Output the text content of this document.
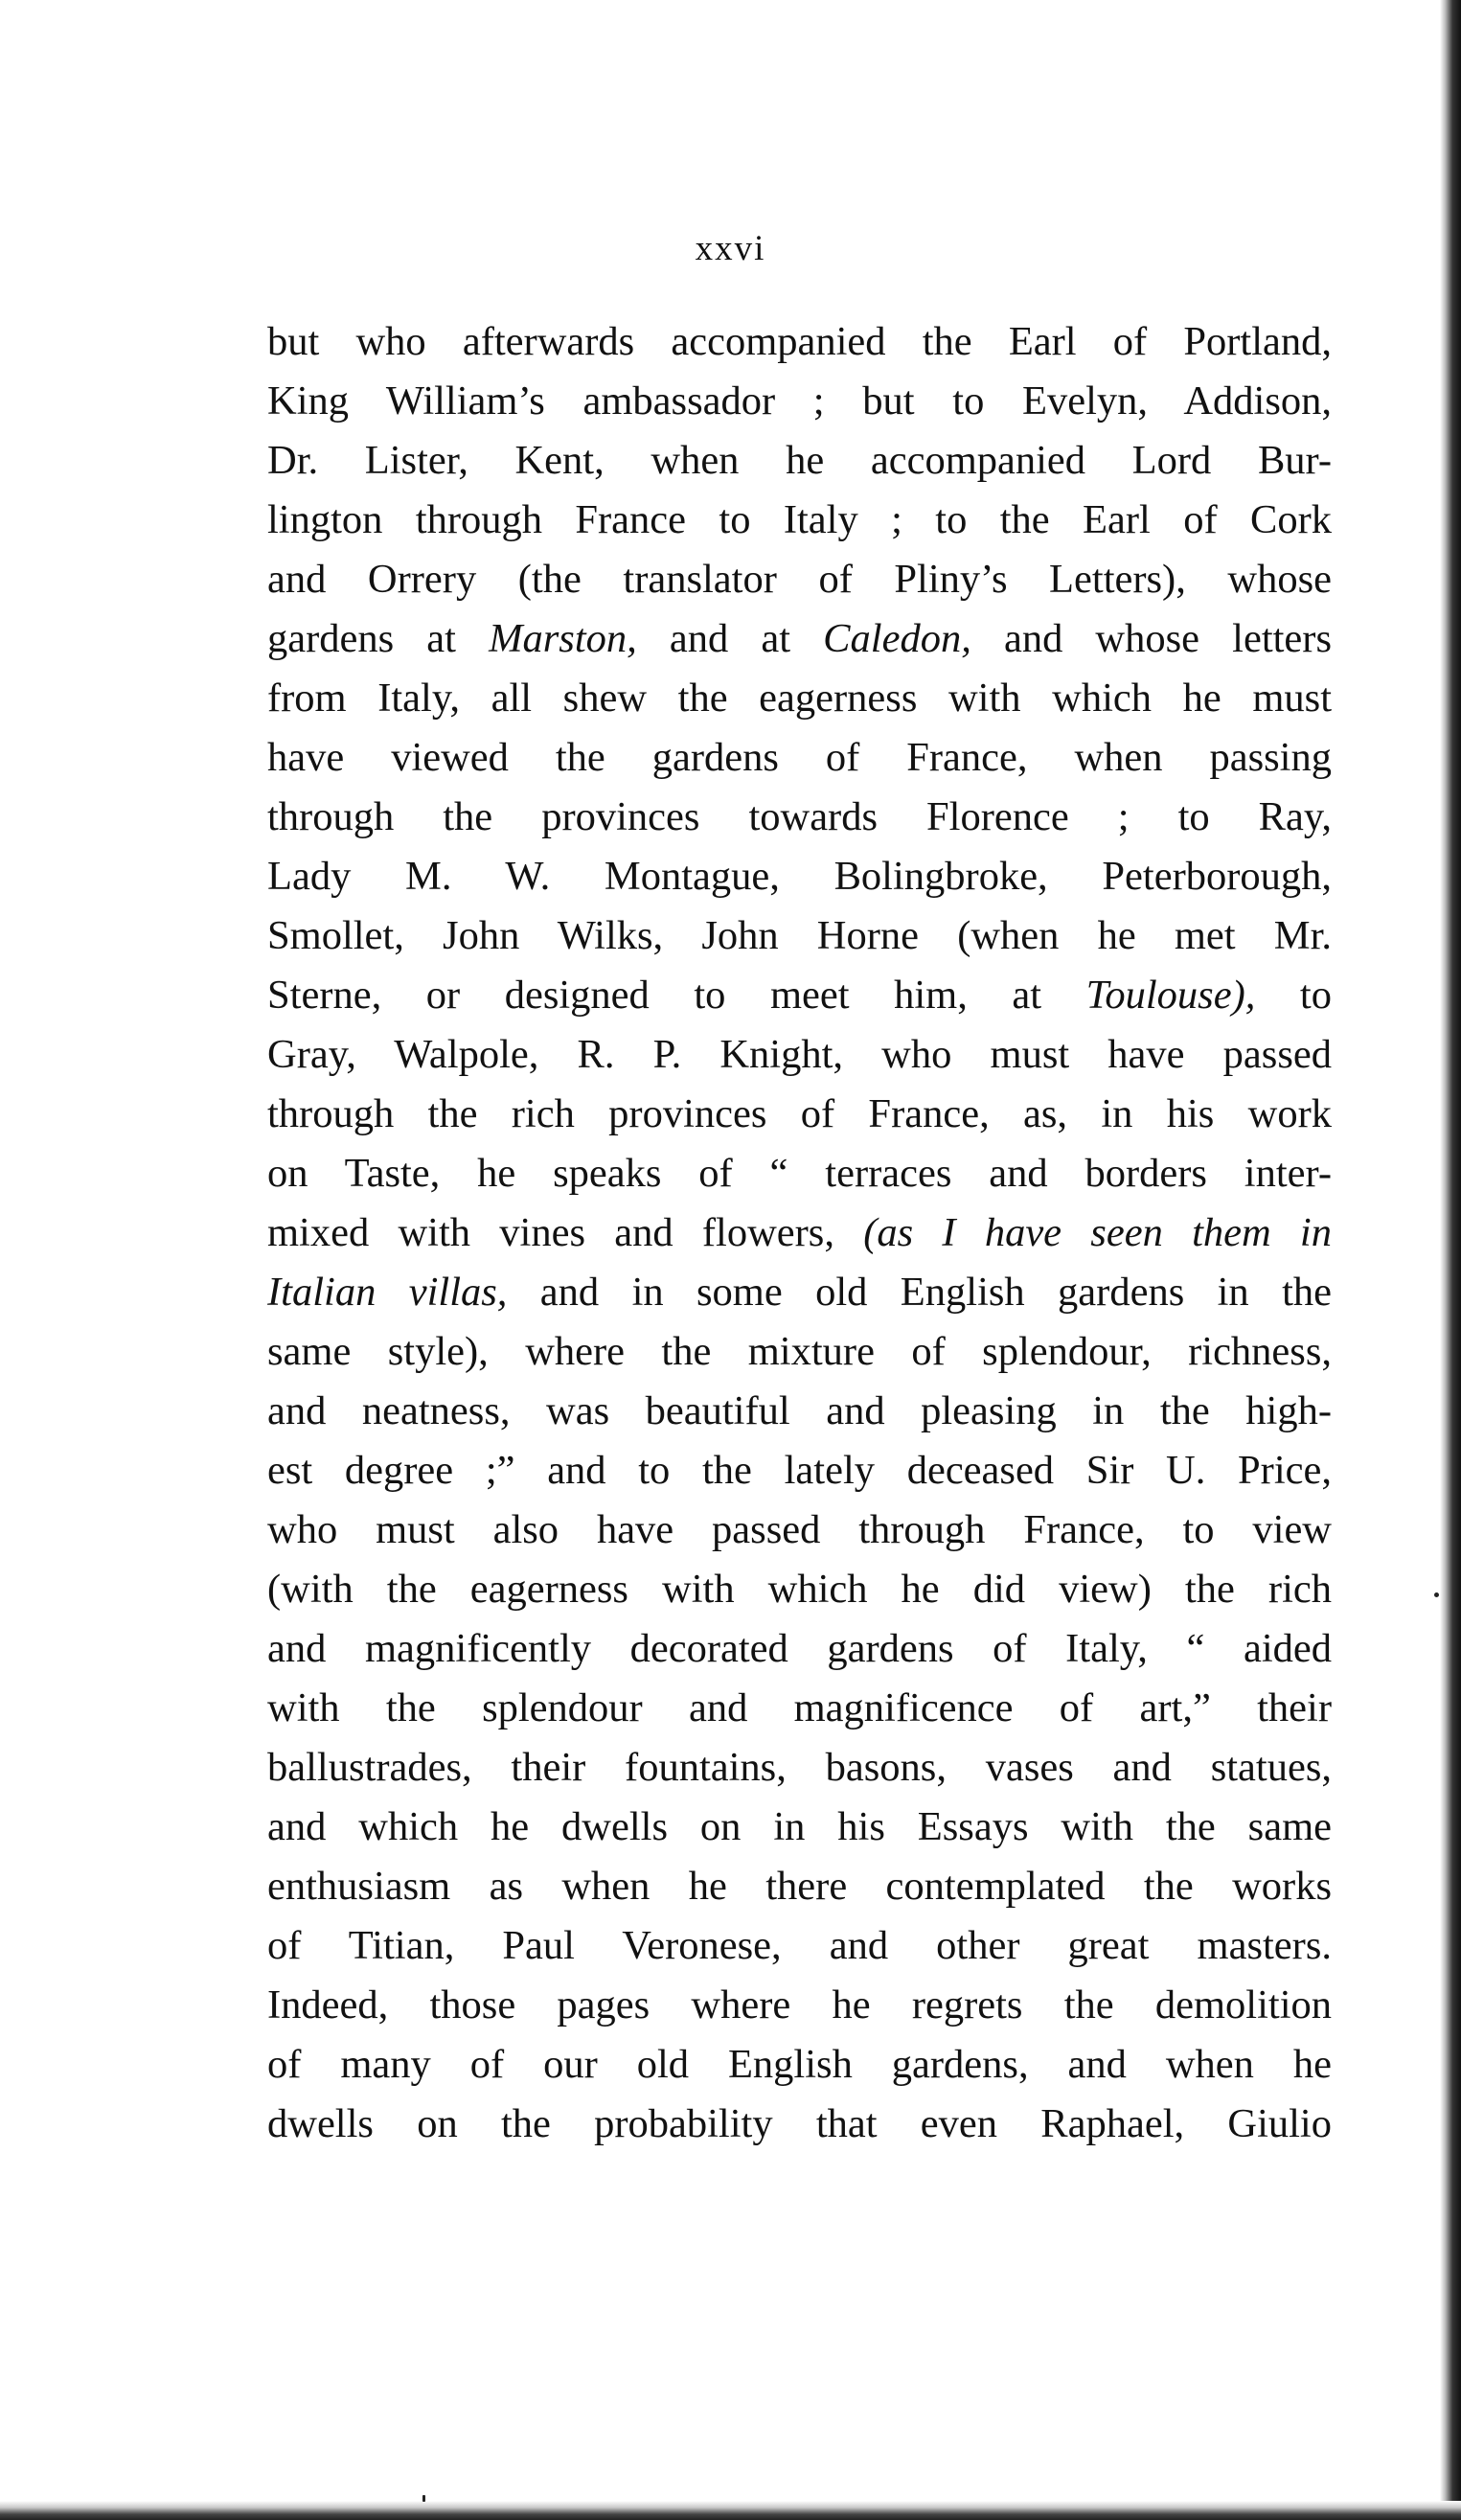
xxvi
but who afterwards accompanied the Earl of Portland,
King William’s ambassador ; but to Evelyn, Addison,
Dr. Lister, Kent, when he accompanied Lord Bur-
lington through France to Italy ; to the Earl of Cork
and Orrery (the translator of Pliny’s Letters), whose
gardens at Marston, and at Caledon, and whose letters
from Italy, all shew the eagerness with which he must
have viewed the gardens of France, when passing
through the provinces towards Florence ; to Ray,
Lady M. W. Montague, Bolingbroke, Peterborough,
Smollet, John Wilks, John Horne (when he met Mr.
Sterne, or designed to meet him, at Toulouse), to
Gray, Walpole, R. P. Knight, who must have passed
through the rich provinces of France, as, in his work
on Taste, he speaks of “ terraces and borders inter-
mixed with vines and flowers, (as I have seen them in
Italian villas, and in some old English gardens in the
same style), where the mixture of splendour, richness,
and neatness, was beautiful and pleasing in the high-
est degree ;” and to the lately deceased Sir U. Price,
who must also have passed through France, to view
(with the eagerness with which he did view) the rich
and magnificently decorated gardens of Italy, “ aided
with the splendour and magnificence of art,” their
ballustrades, their fountains, basons, vases and statues,
and which he dwells on in his Essays with the same
enthusiasm as when he there contemplated the works
of Titian, Paul Veronese, and other great masters.
Indeed, those pages where he regrets the demolition
of many of our old English gardens, and when he
dwells on the probability that even Raphael, Giulio
